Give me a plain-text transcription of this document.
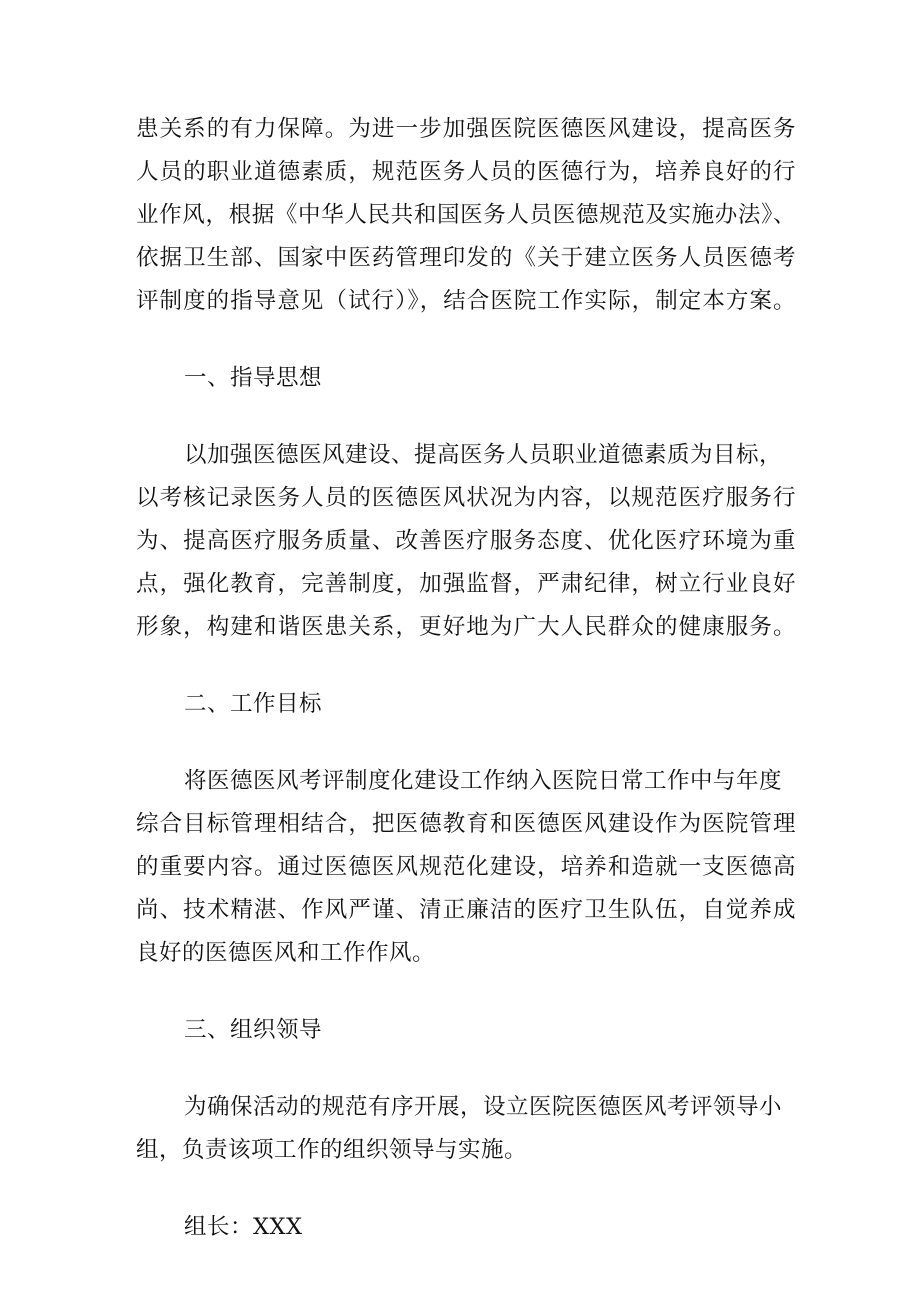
患关系的有力保障。为进一步加强医院医德医风建设，提高医务
人员的职业道德素质，规范医务人员的医德行为，培养良好的行
业作风，根据《中华人民共和国医务人员医德规范及实施办法》、
依据卫生部、国家中医药管理印发的《关于建立医务人员医德考
评制度的指导意见（试行）》，结合医院工作实际，制定本方案。
一、指导思想
以加强医德医风建设、提高医务人员职业道德素质为目标，
以考核记录医务人员的医德医风状况为内容，以规范医疗服务行
为、提高医疗服务质量、改善医疗服务态度、优化医疗环境为重
点，强化教育，完善制度，加强监督，严肃纪律，树立行业良好
形象，构建和谐医患关系，更好地为广大人民群众的健康服务。
二、工作目标
将医德医风考评制度化建设工作纳入医院日常工作中与年度
综合目标管理相结合，把医德教育和医德医风建设作为医院管理
的重要内容。通过医德医风规范化建设，培养和造就一支医德高
尚、技术精湛、作风严谨、清正廉洁的医疗卫生队伍，自觉养成
良好的医德医风和工作作风。
三、组织领导
为确保活动的规范有序开展，设立医院医德医风考评领导小
组，负责该项工作的组织领导与实施。
组长：XXX
